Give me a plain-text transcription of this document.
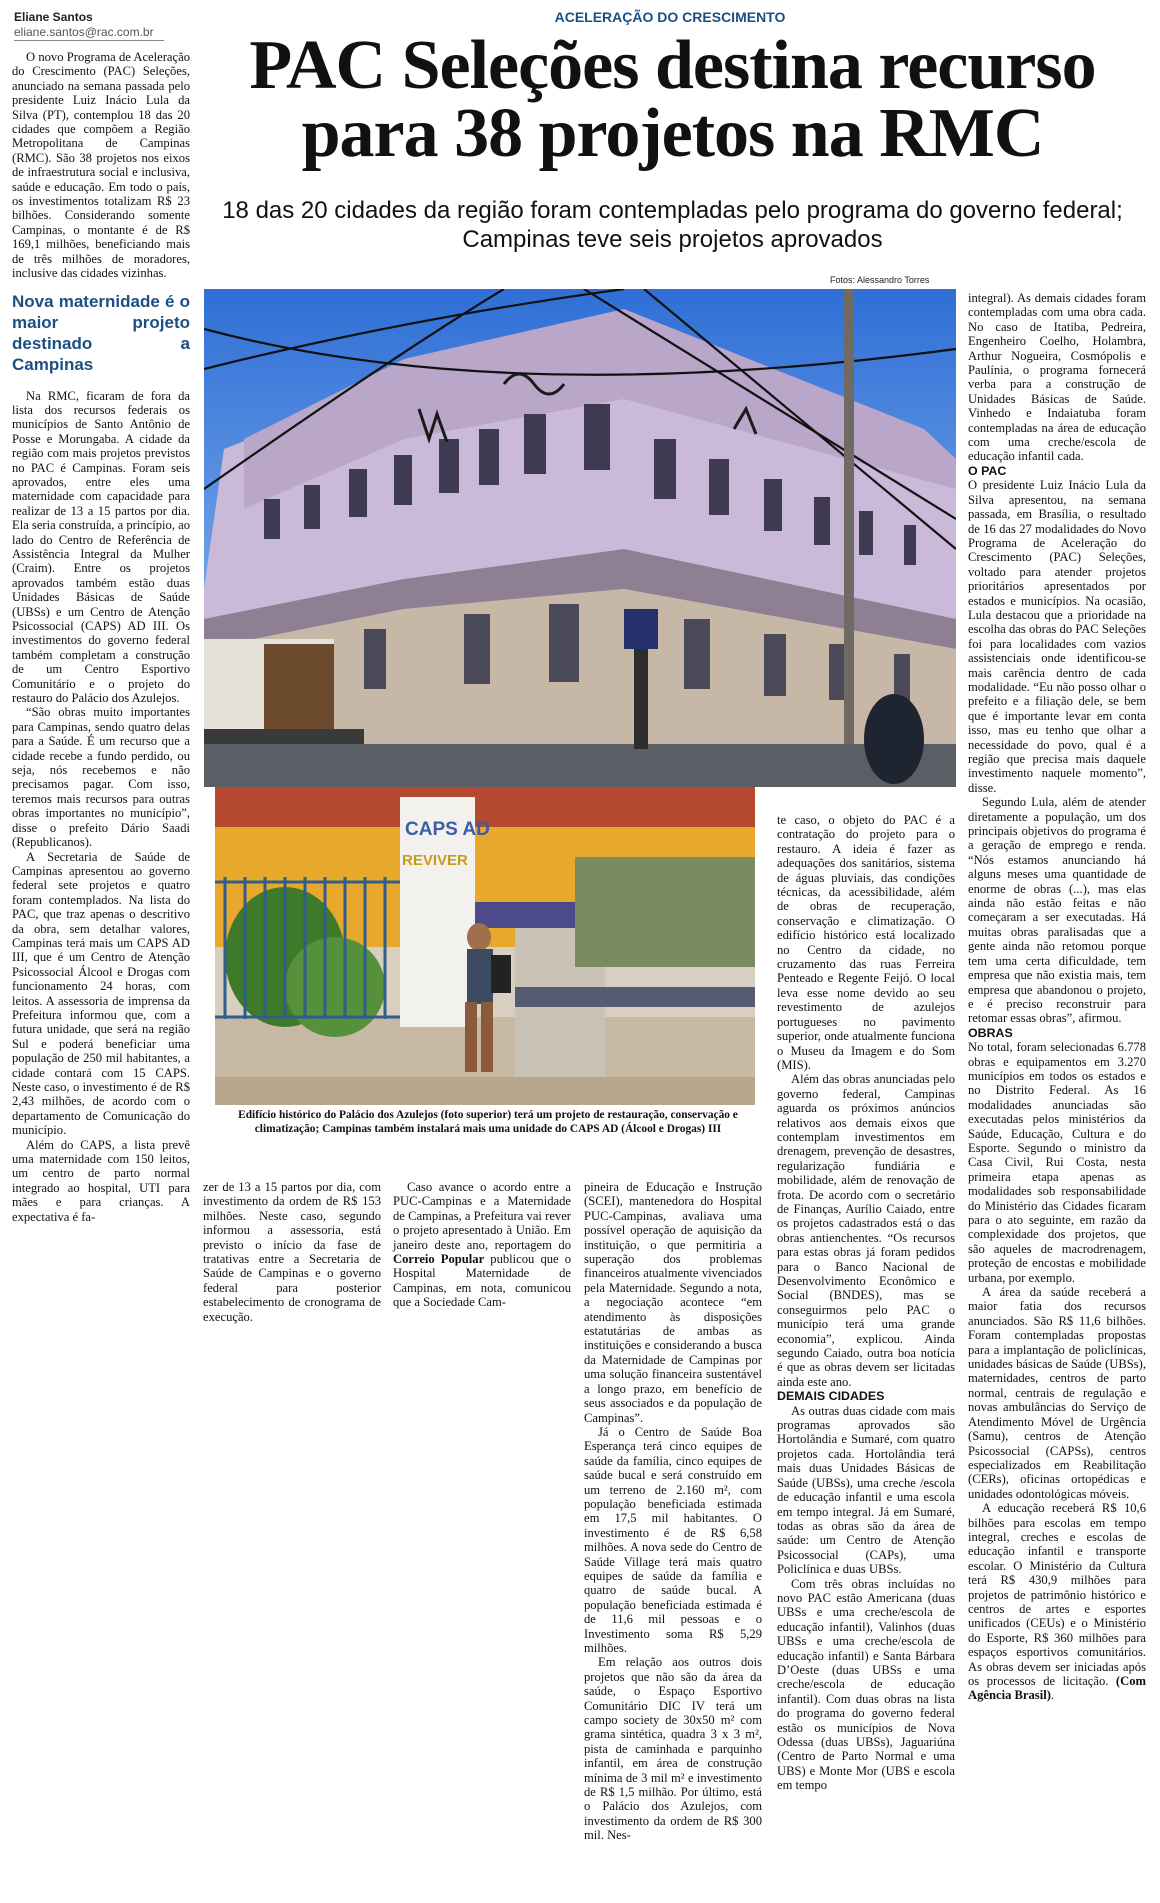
Eliane Santos
eliane.santos@rac.com.br
ACELERAÇÃO DO CRESCIMENTO
PAC Seleções destina recurso
para 38 projetos na RMC
18 das 20 cidades da região foram contempladas pelo programa do governo federal; Campinas teve seis projetos aprovados
Fotos: Alessandro Torres

O novo Programa de Aceleração do Crescimento (PAC) Seleções, anunciado na semana passada pelo presidente Luiz Inácio Lula da Silva (PT), contemplou 18 das 20 cidades que compõem a Região Metropolitana de Campinas (RMC). São 38 projetos nos eixos de infraestrutura social e inclusiva, saúde e educação. Em todo o país, os investimentos totalizam R$ 23 bilhões. Considerando somente Campinas, o montante é de R$ 169,1 milhões, beneficiando mais de três milhões de moradores, inclusive das cidades vizinhas.

Nova maternidade é o maior projeto destinado a Campinas

Na RMC, ficaram de fora da lista dos recursos federais os municípios de Santo Antônio de Posse e Morungaba. A cidade da região com mais projetos previstos no PAC é Campinas. Foram seis aprovados, entre eles uma maternidade com capacidade para realizar de 13 a 15 partos por dia. Ela seria construída, a princípio, ao lado do Centro de Referência de Assistência Integral da Mulher (Craim). Entre os projetos aprovados também estão duas Unidades Básicas de Saúde (UBSs) e um Centro de Atenção Psicossocial (CAPS) AD III. Os investimentos do governo federal também completam a construção de um Centro Esportivo Comunitário e o projeto do restauro do Palácio dos Azulejos.

“São obras muito importantes para Campinas, sendo quatro delas para a Saúde. É um recurso que a cidade recebe a fundo perdido, ou seja, nós recebemos e não precisamos pagar. Com isso, teremos mais recursos para outras obras importantes no município”, disse o prefeito Dário Saadi (Republicanos).

A Secretaria de Saúde de Campinas apresentou ao governo federal sete projetos e quatro foram contemplados. Na lista do PAC, que traz apenas o descritivo da obra, sem detalhar valores, Campinas terá mais um CAPS AD III, que é um Centro de Atenção Psicossocial Álcool e Drogas com funcionamento 24 horas, com leitos. A assessoria de imprensa da Prefeitura informou que, com a futura unidade, que será na região Sul e poderá beneficiar uma população de 250 mil habitantes, a cidade contará com 15 CAPS. Neste caso, o investimento é de R$ 2,43 milhões, de acordo com o departamento de Comunicação do município.

Além do CAPS, a lista prevê uma maternidade com 150 leitos, um centro de parto normal integrado ao hospital, UTI para mães e para crianças. A expectativa é fa-

CAPS AD
REVIVER
Edifício histórico do Palácio dos Azulejos (foto superior) terá um projeto de restauração, conservação e climatização; Campinas também instalará mais uma unidade do CAPS AD (Álcool e Drogas) III

zer de 13 a 15 partos por dia, com investimento da ordem de R$ 153 milhões. Neste caso, segundo informou a assessoria, está previsto o início da fase de tratativas entre a Secretaria de Saúde de Campinas e o governo federal para posterior estabelecimento de cronograma de execução.

Caso avance o acordo entre a PUC-Campinas e a Maternidade de Campinas, a Prefeitura vai rever o projeto apresentado à União. Em janeiro deste ano, reportagem do Correio Popular publicou que o Hospital Maternidade de Campinas, em nota, comunicou que a Sociedade Cam-

pineira de Educação e Instrução (SCEI), mantenedora do Hospital PUC-Campinas, avaliava uma possível operação de aquisição da instituição, o que permitiria a superação dos problemas financeiros atualmente vivenciados pela Maternidade. Segundo a nota, a negociação acontece “em atendimento às disposições estatutárias de ambas as instituições e considerando a busca da Maternidade de Campinas por uma solução financeira sustentável a longo prazo, em benefício de seus associados e da população de Campinas”.

Já o Centro de Saúde Boa Esperança terá cinco equipes de saúde da família, cinco equipes de saúde bucal e será construído em um terreno de 2.160 m², com população beneficiada estimada em 17,5 mil habitantes. O investimento é de R$ 6,58 milhões. A nova sede do Centro de Saúde Village terá mais quatro equipes de saúde da família e quatro de saúde bucal. A população beneficiada estimada é de 11,6 mil pessoas e o Investimento soma R$ 5,29 milhões.

Em relação aos outros dois projetos que não são da área da saúde, o Espaço Esportivo Comunitário DIC IV terá um campo society de 30x50 m² com grama sintética, quadra 3 x 3 m², pista de caminhada e parquinho infantil, em área de construção mínima de 3 mil m² e investimento de R$ 1,5 milhão. Por último, está o Palácio dos Azulejos, com investimento da ordem de R$ 300 mil. Nes-

te caso, o objeto do PAC é a contratação do projeto para o restauro. A ideia é fazer as adequações dos sanitários, sistema de águas pluviais, das condições técnicas, da acessibilidade, além de obras de recuperação, conservação e climatização. O edifício histórico está localizado no Centro da cidade, no cruzamento das ruas Ferreira Penteado e Regente Feijó. O local leva esse nome devido ao seu revestimento de azulejos portugueses no pavimento superior, onde atualmente funciona o Museu da Imagem e do Som (MIS).

Além das obras anunciadas pelo governo federal, Campinas aguarda os próximos anúncios relativos aos demais eixos que contemplam investimentos em drenagem, prevenção de desastres, regularização fundiária e mobilidade, além de renovação de frota. De acordo com o secretário de Finanças, Aurílio Caiado, entre os projetos cadastrados está o das obras antienchentes. “Os recursos para estas obras já foram pedidos para o Banco Nacional de Desenvolvimento Econômico e Social (BNDES), mas se conseguirmos pelo PAC o município terá uma grande economia”, explicou. Ainda segundo Caiado, outra boa notícia é que as obras devem ser licitadas ainda este ano.

DEMAIS CIDADES

As outras duas cidade com mais programas aprovados são Hortolândia e Sumaré, com quatro projetos cada. Hortolândia terá mais duas Unidades Básicas de Saúde (UBSs), uma creche /escola de educação infantil e uma escola em tempo integral. Já em Sumaré, todas as obras são da área de saúde: um Centro de Atenção Psicossocial (CAPs), uma Policlínica e duas UBSs.

Com três obras incluídas no novo PAC estão Americana (duas UBSs e uma creche/escola de educação infantil), Valinhos (duas UBSs e uma creche/escola de educação infantil) e Santa Bárbara D’Oeste (duas UBSs e uma creche/escola de educação infantil). Com duas obras na lista do programa do governo federal estão os municípios de Nova Odessa (duas UBSs), Jaguariúna (Centro de Parto Normal e uma UBS) e Monte Mor (UBS e escola em tempo

integral). As demais cidades foram contempladas com uma obra cada. No caso de Itatiba, Pedreira, Engenheiro Coelho, Holambra, Arthur Nogueira, Cosmópolis e Paulínia, o programa fornecerá verba para a construção de Unidades Básicas de Saúde. Vinhedo e Indaiatuba foram contempladas na área de educação com uma creche/escola de educação infantil cada.

O PAC

O presidente Luiz Inácio Lula da Silva apresentou, na semana passada, em Brasília, o resultado de 16 das 27 modalidades do Novo Programa de Aceleração do Crescimento (PAC) Seleções, voltado para atender projetos prioritários apresentados por estados e municípios. Na ocasião, Lula destacou que a prioridade na escolha das obras do PAC Seleções foi para localidades com vazios assistenciais onde identificou-se mais carência dentro de cada modalidade. “Eu não posso olhar o prefeito e a filiação dele, se bem que é importante levar em conta isso, mas eu tenho que olhar a necessidade do povo, qual é a região que precisa mais daquele investimento naquele momento”, disse.

Segundo Lula, além de atender diretamente a população, um dos principais objetivos do programa é a geração de emprego e renda. “Nós estamos anunciando há alguns meses uma quantidade de enorme de obras (...), mas elas ainda não estão feitas e não começaram a ser executadas. Há muitas obras paralisadas que a gente ainda não retomou porque tem uma certa dificuldade, tem empresa que não existia mais, tem empresa que abandonou o projeto, e é preciso reconstruir para retomar essas obras”, afirmou.

OBRAS

No total, foram selecionadas 6.778 obras e equipamentos em 3.270 municípios em todos os estados e no Distrito Federal. As 16 modalidades anunciadas são executadas pelos ministérios da Saúde, Educação, Cultura e do Esporte. Segundo o ministro da Casa Civil, Rui Costa, nesta primeira etapa apenas as modalidades sob responsabilidade do Ministério das Cidades ficaram para o ato seguinte, em razão da complexidade dos projetos, que são aqueles de macrodrenagem, proteção de encostas e mobilidade urbana, por exemplo.

A área da saúde receberá a maior fatia dos recursos anunciados. São R$ 11,6 bilhões. Foram contempladas propostas para a implantação de policlínicas, unidades básicas de Saúde (UBSs), maternidades, centros de parto normal, centrais de regulação e novas ambulâncias do Serviço de Atendimento Móvel de Urgência (Samu), centros de Atenção Psicossocial (CAPSs), centros especializados em Reabilitação (CERs), oficinas ortopédicas e unidades odontológicas móveis.

A educação receberá R$ 10,6 bilhões para escolas em tempo integral, creches e escolas de educação infantil e transporte escolar. O Ministério da Cultura terá R$ 430,9 milhões para projetos de patrimônio histórico e centros de artes e esportes unificados (CEUs) e o Ministério do Esporte, R$ 360 milhões para espaços esportivos comunitários. As obras devem ser iniciadas após os processos de licitação. (Com Agência Brasil).
